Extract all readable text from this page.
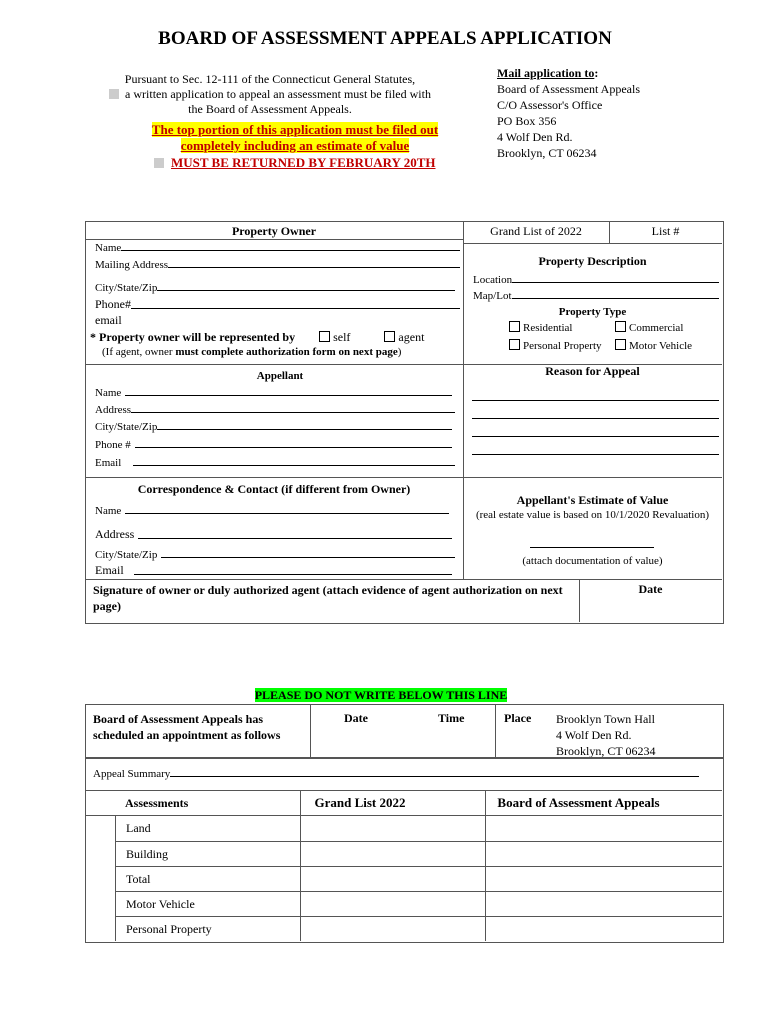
BOARD OF ASSESSMENT APPEALS APPLICATION
Pursuant to Sec. 12-111 of the Connecticut General Statutes,
a written application to appeal an assessment must be filed with
the Board of Assessment Appeals.
The top portion of this application must be filed out
completely including an estimate of value
MUST BE RETURNED BY FEBRUARY 20TH
Mail application to:
Board of Assessment Appeals
C/O Assessor's Office
PO Box 356
4 Wolf Den Rd.
Brooklyn, CT 06234
Property Owner
Name
Mailing Address
City/State/Zip
Phone#
email
* Property owner will be represented by	self	agent
(If agent, owner must complete authorization form on next page)
Grand List of 2022	List #
Property Description
Location
Map/Lot
Property Type
Residential	Commercial
Personal Property	Motor Vehicle
Appellant
Name
Address
City/State/Zip
Phone #
Email
Reason for Appeal
Correspondence & Contact (if different from Owner)
Name
Address
City/State/Zip
Email
Appellant's Estimate of Value
(real estate value is based on 10/1/2020 Revaluation)
(attach documentation of value)
Signature of owner or duly authorized agent (attach evidence of agent authorization on next page)
Date
PLEASE DO NOT WRITE BELOW THIS LINE
Board of Assessment Appeals has scheduled an appointment as follows
Date	Time	Place Brooklyn Town Hall
4 Wolf Den Rd.
Brooklyn, CT 06234
Appeal Summary
Assessments	Grand List 2022	Board of Assessment Appeals
Land
Building
Total
Motor Vehicle
Personal Property
